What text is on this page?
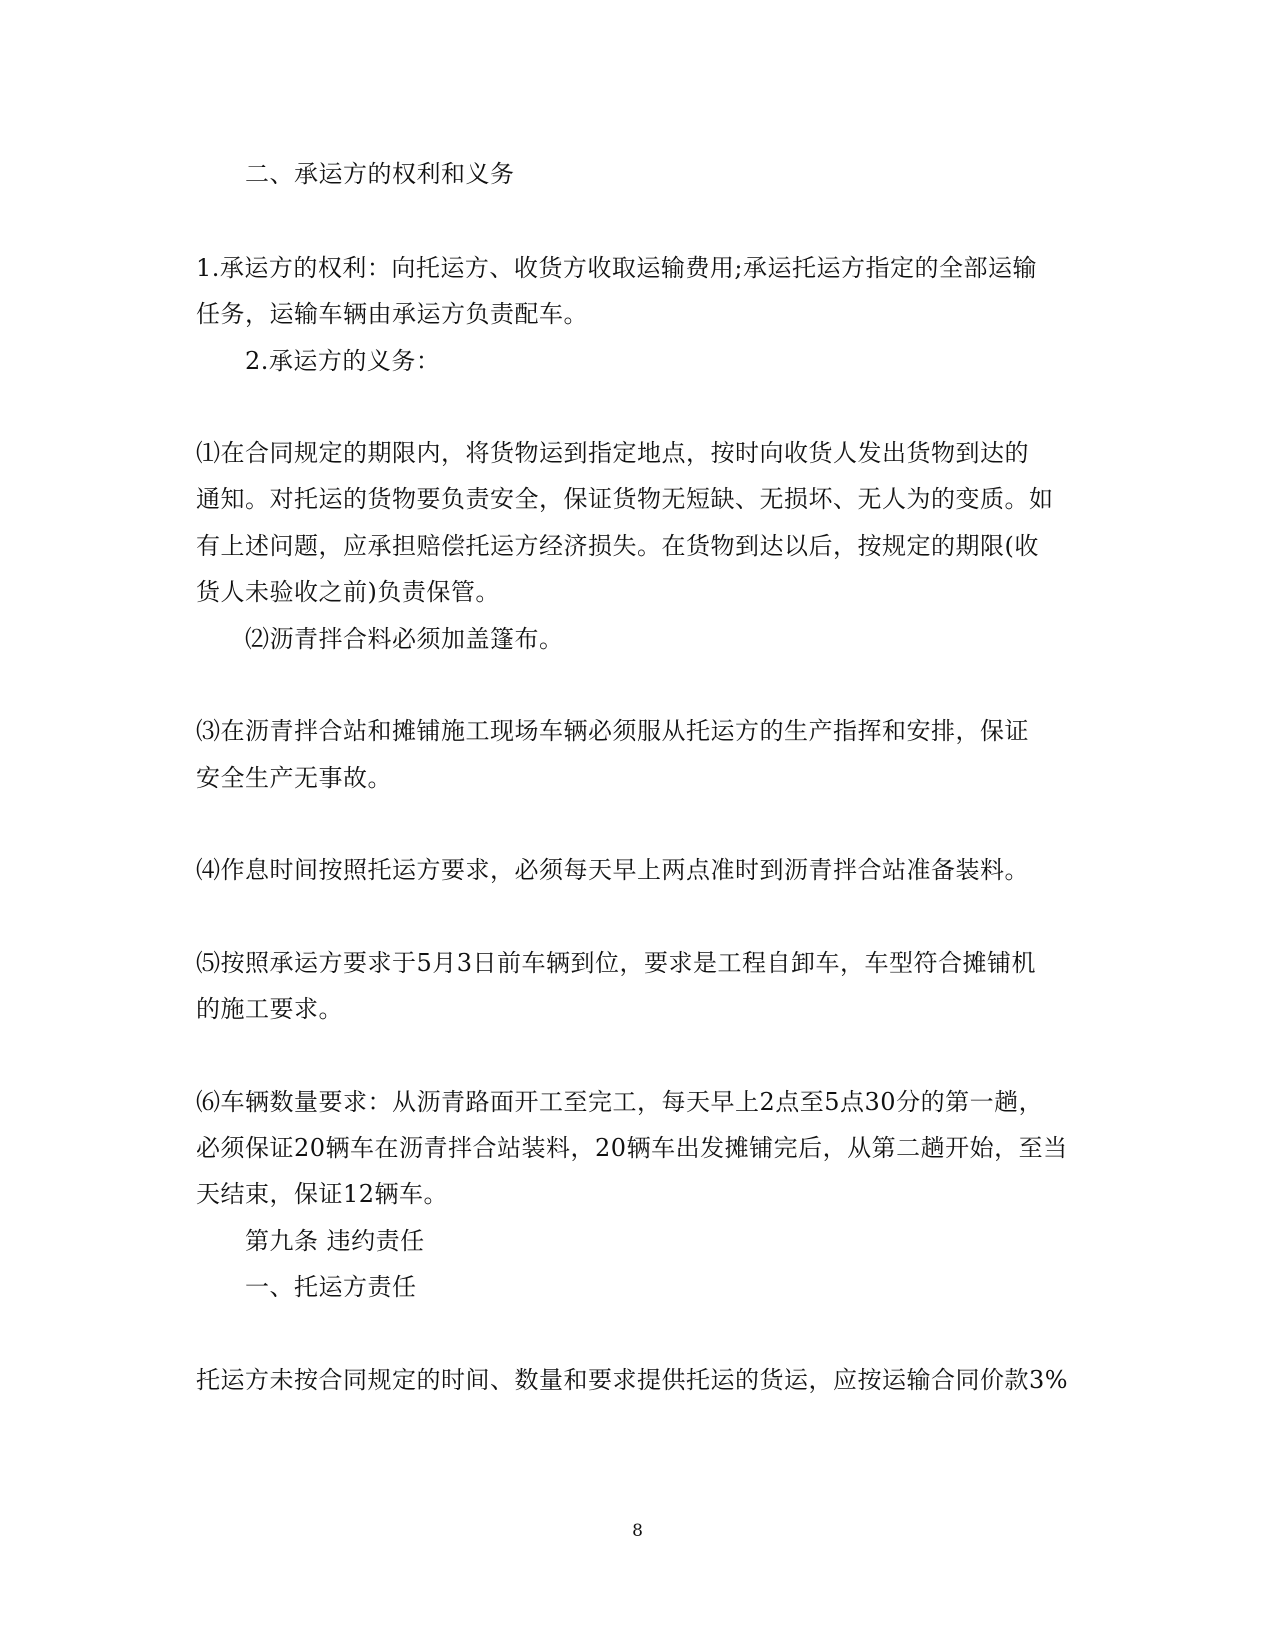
二、承运方的权利和义务
1.承运方的权利：向托运方、收货方收取运输费用;承运托运方指定的全部运输
任务，运输车辆由承运方负责配车。
2.承运方的义务：
⑴在合同规定的期限内，将货物运到指定地点，按时向收货人发出货物到达的
通知。对托运的货物要负责安全，保证货物无短缺、无损坏、无人为的变质。如
有上述问题，应承担赔偿托运方经济损失。在货物到达以后，按规定的期限(收
货人未验收之前)负责保管。
⑵沥青拌合料必须加盖篷布。
⑶在沥青拌合站和摊铺施工现场车辆必须服从托运方的生产指挥和安排，保证
安全生产无事故。
⑷作息时间按照托运方要求，必须每天早上两点准时到沥青拌合站准备装料。
⑸按照承运方要求于5月3日前车辆到位，要求是工程自卸车，车型符合摊铺机
的施工要求。
⑹车辆数量要求：从沥青路面开工至完工，每天早上2点至5点30分的第一趟，
必须保证20辆车在沥青拌合站装料，20辆车出发摊铺完后，从第二趟开始，至当
天结束，保证12辆车。
第九条 违约责任
一、托运方责任
托运方未按合同规定的时间、数量和要求提供托运的货运，应按运输合同价款3%
8
